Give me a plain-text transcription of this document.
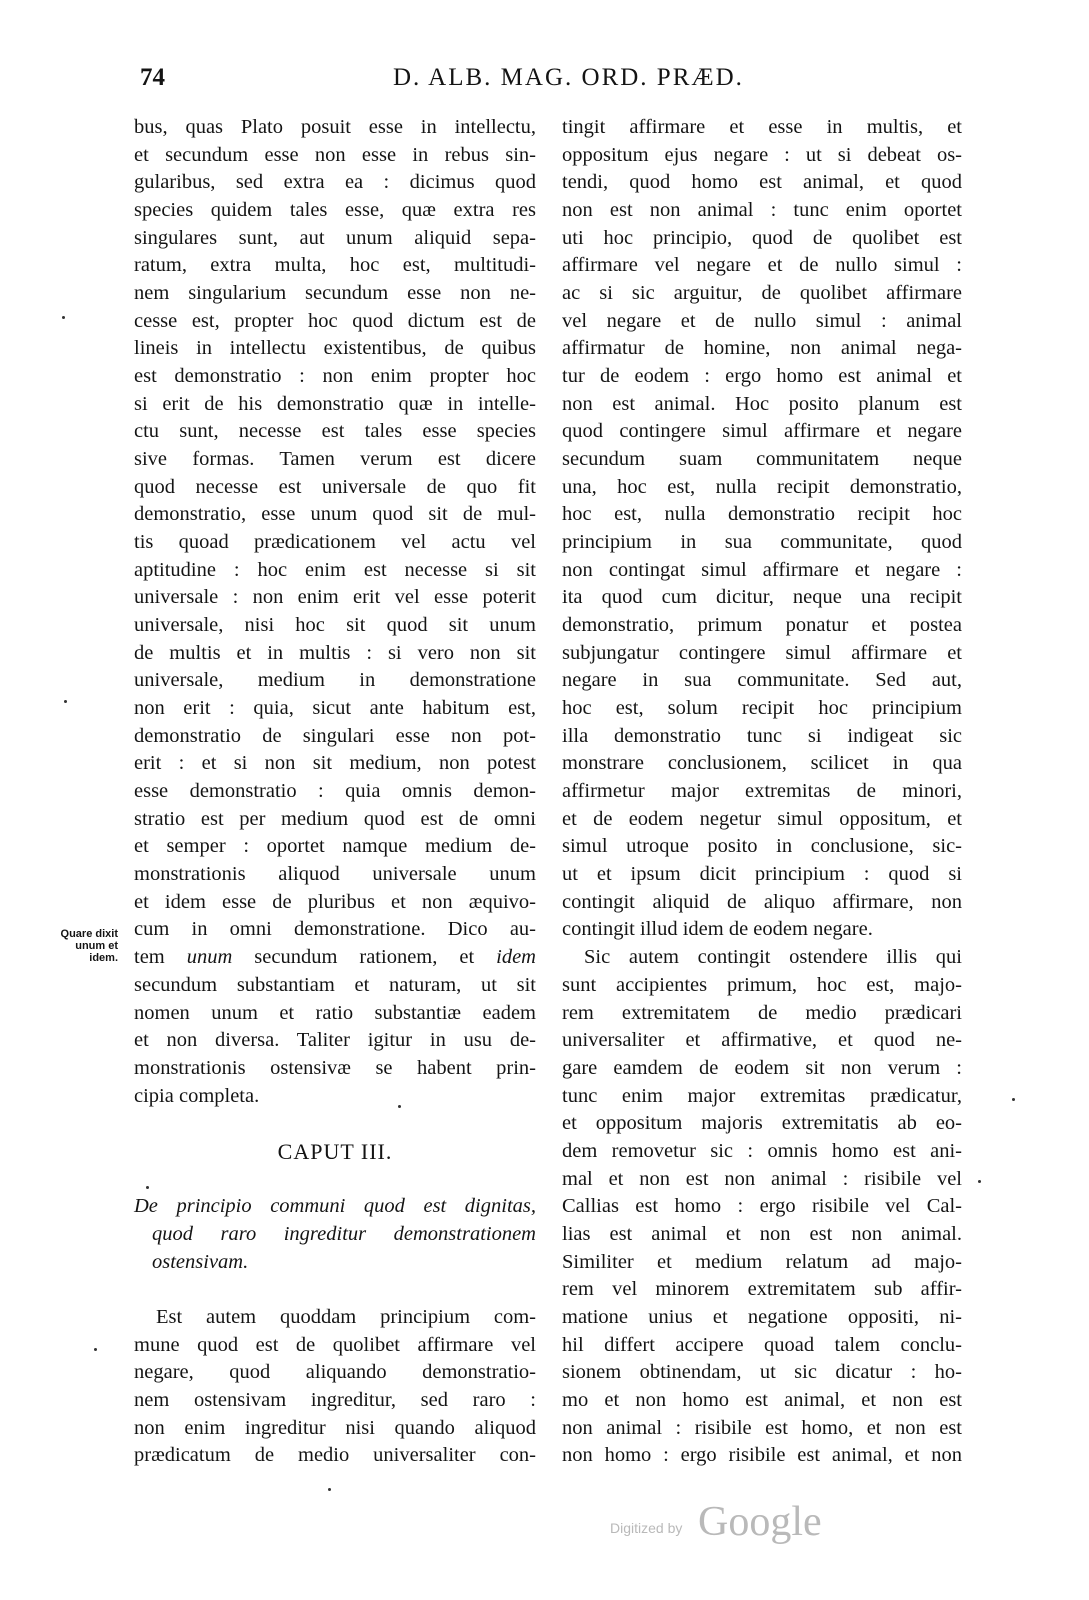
74	D. ALB. MAG. ORD. PRÆD.
Quare dixit
unum et
idem.
bus, quas Plato posuit esse in intellectu,
et secundum esse non esse in rebus sin-
gularibus, sed extra ea : dicimus quod
species quidem tales esse, quæ extra res
singulares sunt, aut unum aliquid sepa-
ratum, extra multa, hoc est, multitudi-
nem singularium secundum esse non ne-
cesse est, propter hoc quod dictum est de
lineis in intellectu existentibus, de quibus
est demonstratio : non enim propter hoc
si erit de his demonstratio quæ in intelle-
ctu sunt, necesse est tales esse species
sive formas. Tamen verum est dicere
quod necesse est universale de quo fit
demonstratio, esse unum quod sit de mul-
tis quoad prædicationem vel actu vel
aptitudine : hoc enim est necesse si sit
universale : non enim erit vel esse poterit
universale, nisi hoc sit quod sit unum
de multis et in multis : si vero non sit
universale, medium in demonstratione
non erit : quia, sicut ante habitum est,
demonstratio de singulari esse non pot-
erit : et si non sit medium, non potest
esse demonstratio : quia omnis demon-
stratio est per medium quod est de omni
et semper : oportet namque medium de-
monstrationis aliquod universale unum
et idem esse de pluribus et non æquivo-
cum in omni demonstratione. Dico au-
tem unum secundum rationem, et idem
secundum substantiam et naturam, ut sit
nomen unum et ratio substantiæ eadem
et non diversa. Taliter igitur in usu de-
monstrationis ostensivæ se habent prin-
cipia completa.
CAPUT III.
De principio communi quod est dignitas,
quod raro ingreditur demonstrationem
ostensivam.
Est autem quoddam principium com-
mune quod est de quolibet affirmare vel
negare, quod aliquando demonstratio-
nem ostensivam ingreditur, sed raro :
non enim ingreditur nisi quando aliquod
prædicatum de medio universaliter con-
tingit affirmare et esse in multis, et
oppositum ejus negare : ut si debeat os-
tendi, quod homo est animal, et quod
non est non animal : tunc enim oportet
uti hoc principio, quod de quolibet est
affirmare vel negare et de nullo simul :
ac si sic arguitur, de quolibet affirmare
vel negare et de nullo simul : animal
affirmatur de homine, non animal nega-
tur de eodem : ergo homo est animal et
non est animal. Hoc posito planum est
quod contingere simul affirmare et negare
secundum suam communitatem neque
una, hoc est, nulla recipit demonstratio,
hoc est, nulla demonstratio recipit hoc
principium in sua communitate, quod
non contingat simul affirmare et negare :
ita quod cum dicitur, neque una recipit
demonstratio, primum ponatur et postea
subjungatur contingere simul affirmare et
negare in sua communitate. Sed aut,
hoc est, solum recipit hoc principium
illa demonstratio tunc si indigeat sic
monstrare conclusionem, scilicet in qua
affirmetur major extremitas de minori,
et de eodem negetur simul oppositum, et
simul utroque posito in conclusione, sic-
ut et ipsum dicit principium : quod si
contingit aliquid de aliquo affirmare, non
contingit illud idem de eodem negare.
Sic autem contingit ostendere illis qui
sunt accipientes primum, hoc est, majo-
rem extremitatem de medio prædicari
universaliter et affirmative, et quod ne-
gare eamdem de eodem sit non verum :
tunc enim major extremitas prædicatur,
et oppositum majoris extremitatis ab eo-
dem removetur sic : omnis homo est ani-
mal et non est non animal : risibile vel
Callias est homo : ergo risibile vel Cal-
lias est animal et non est non animal.
Similiter et medium relatum ad majo-
rem vel minorem extremitatem sub affir-
matione unius et negatione oppositi, ni-
hil differt accipere quoad talem conclu-
sionem obtinendam, ut sic dicatur : ho-
mo et non homo est animal, et non est
non animal : risibile est homo, et non est
non homo : ergo risibile est animal, et non
Digitized by Google
